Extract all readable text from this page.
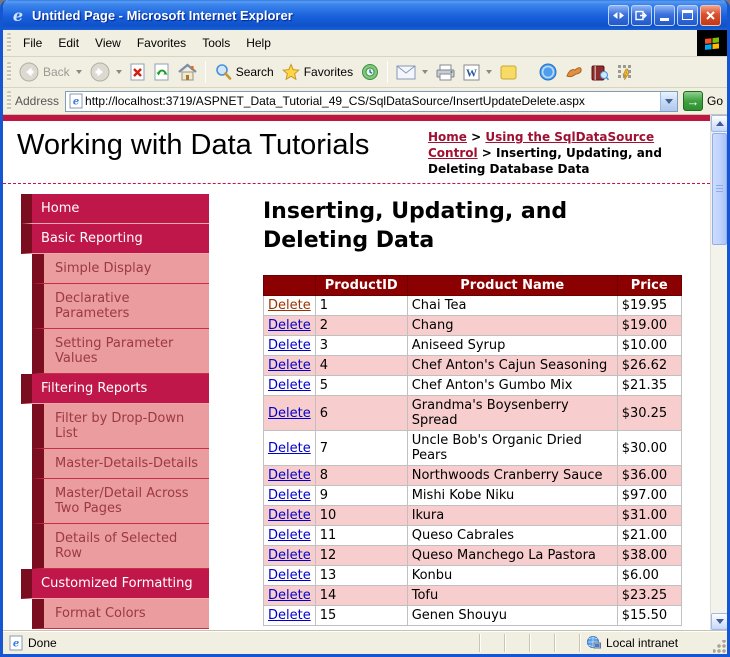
e Untitled Page - Microsoft Internet Explorer
File	Edit	View	Favorites	Tools	Help
Back	Search	Favorites	W
Address e
http://localhost:3719/ASPNET_Data_Tutorial_49_CS/SqlDataSource/InsertUpdateDelete.aspx	→ Go
Working with Data Tutorials	Home > Using the SqlDataSource Control > Inserting, Updating, and Deleting Database Data
Home
Basic Reporting
Simple Display
Declarative Parameters
Setting Parameter Values
Filtering Reports
Filter by Drop-Down List
Master-Details-Details
Master/Detail Across Two Pages
Details of Selected Row
Customized Formatting
Format Colors
Inserting, Updating, and Deleting Data
	ProductID	Product Name	Price
Delete	1	Chai Tea	$19.95
Delete	2	Chang	$19.00
Delete	3	Aniseed Syrup	$10.00
Delete	4	Chef Anton's Cajun Seasoning	$26.62
Delete	5	Chef Anton's Gumbo Mix	$21.35
Delete	6	Grandma's Boysenberry Spread	$30.25
Delete	7	Uncle Bob's Organic Dried Pears	$30.00
Delete	8	Northwoods Cranberry Sauce	$36.00
Delete	9	Mishi Kobe Niku	$97.00
Delete	10	Ikura	$31.00
Delete	11	Queso Cabrales	$21.00
Delete	12	Queso Manchego La Pastora	$38.00
Delete	13	Konbu	$6.00
Delete	14	Tofu	$23.25
Delete	15	Genen Shouyu	$15.50
e Done	Local intranet
